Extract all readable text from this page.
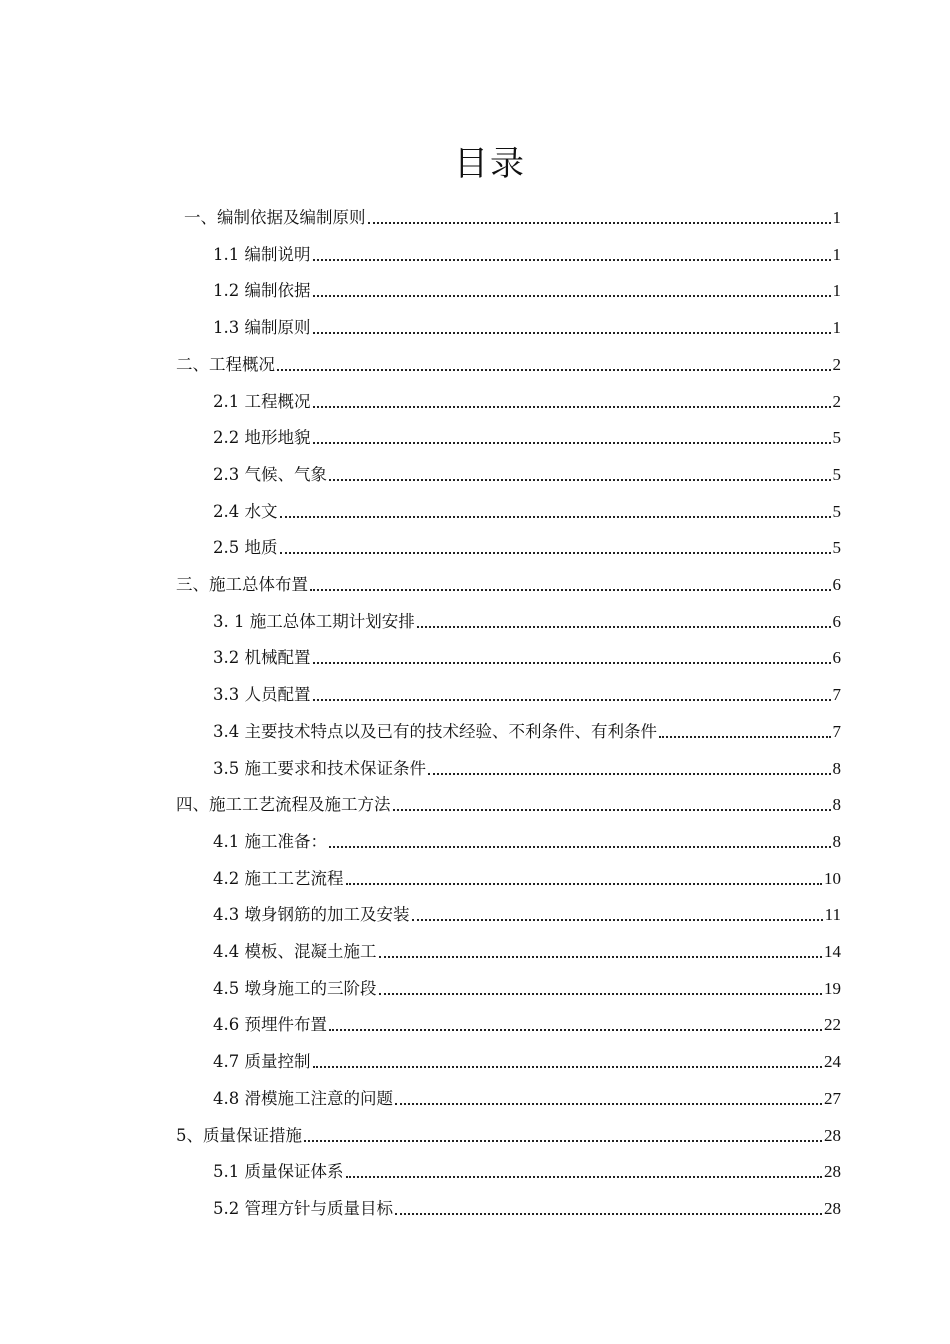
目录
一、编制依据及编制原则	1
1.1 编制说明	1
1.2 编制依据	1
1.3 编制原则	1
二、工程概况	2
2.1 工程概况	2
2.2 地形地貌	5
2.3 气候、气象	5
2.4 水文	5
2.5 地质	5
三、施工总体布置	6
3. 1 施工总体工期计划安排	6
3.2 机械配置	6
3.3 人员配置	7
3.4 主要技术特点以及已有的技术经验、不利条件、有利条件	7
3.5 施工要求和技术保证条件	8
四、施工工艺流程及施工方法	8
4.1 施工准备：	8
4.2 施工工艺流程	10
4.3 墩身钢筋的加工及安装	11
4.4 模板、混凝土施工	14
4.5 墩身施工的三阶段	19
4.6 预埋件布置	22
4.7 质量控制	24
4.8 滑模施工注意的问题	27
5、质量保证措施	28
5.1 质量保证体系	28
5.2 管理方针与质量目标	28
